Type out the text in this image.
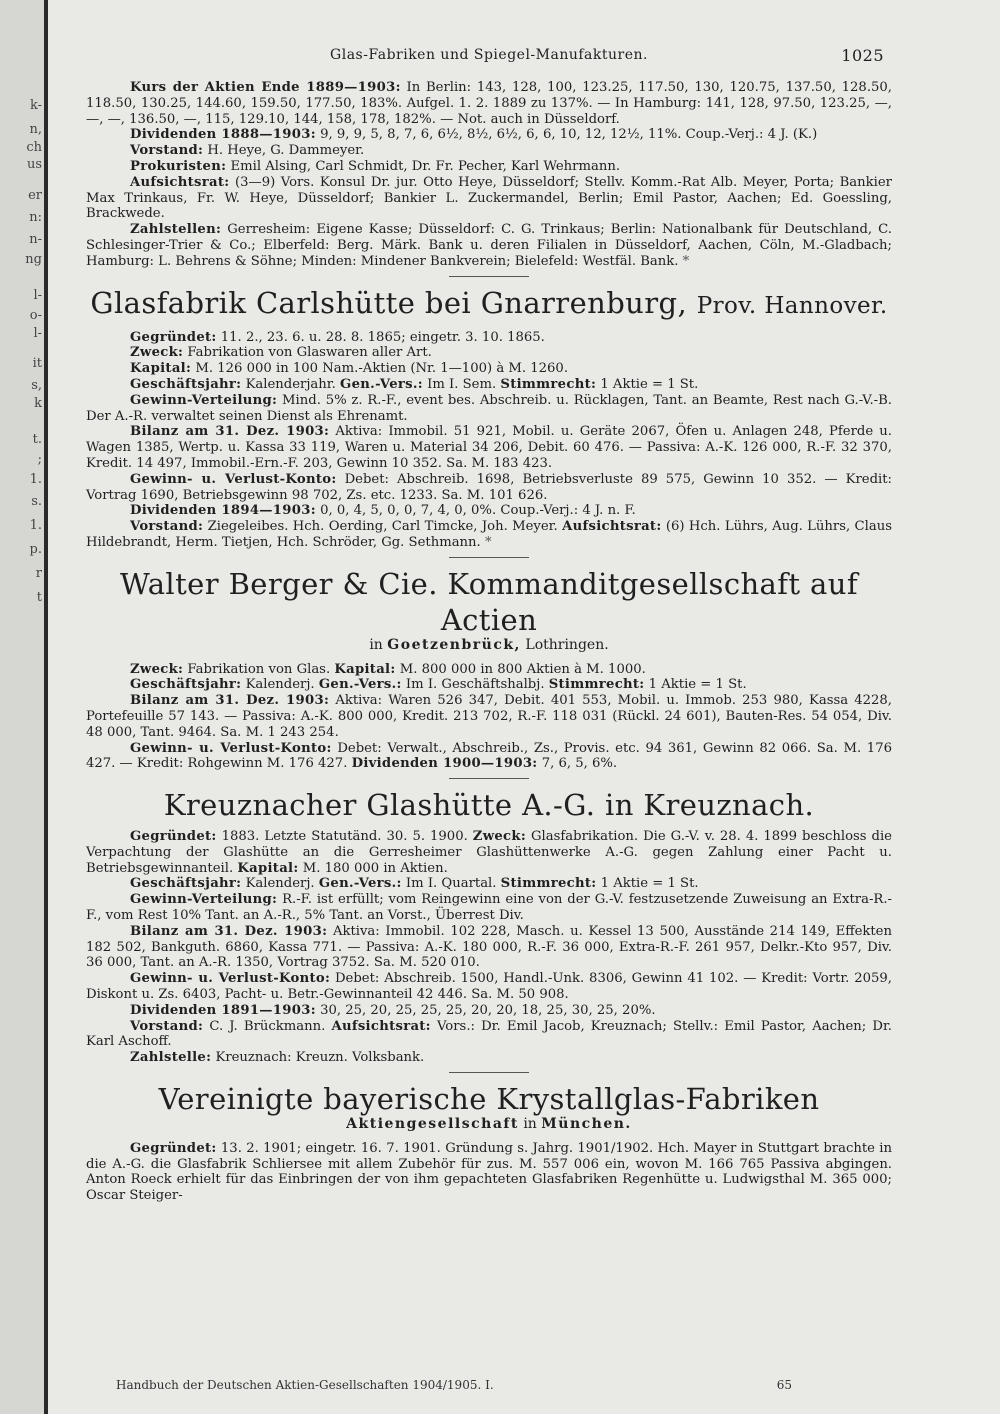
k-
n,
ch
us
er
n:
n-
ng
l-
o-
l-
it
s,
k
t.
;
1.
s.
1.
p.
r
t
Glas-Fabriken und Spiegel-Manufakturen.	1025

Kurs der Aktien Ende 1889—1903: In Berlin: 143, 128, 100, 123.25, 117.50, 130, 120.75, 137.50, 128.50, 118.50, 130.25, 144.60, 159.50, 177.50, 183%. Aufgel. 1. 2. 1889 zu 137%. — In Hamburg: 141, 128, 97.50, 123.25, —, —, —, 136.50, —, 115, 129.10, 144, 158, 178, 182%. — Not. auch in Düsseldorf.

Dividenden 1888—1903: 9, 9, 9, 5, 8, 7, 6, 6½, 8½, 6½, 6, 6, 10, 12, 12½, 11%. Coup.-Verj.: 4 J. (K.)

Vorstand: H. Heye, G. Dammeyer.

Prokuristen: Emil Alsing, Carl Schmidt, Dr. Fr. Pecher, Karl Wehrmann.

Aufsichtsrat: (3—9) Vors. Konsul Dr. jur. Otto Heye, Düsseldorf; Stellv. Komm.-Rat Alb. Meyer, Porta; Bankier Max Trinkaus, Fr. W. Heye, Düsseldorf; Bankier L. Zuckermandel, Berlin; Emil Pastor, Aachen; Ed. Goessling, Brackwede.

Zahlstellen: Gerresheim: Eigene Kasse; Düsseldorf: C. G. Trinkaus; Berlin: Nationalbank für Deutschland, C. Schlesinger-Trier & Co.; Elberfeld: Berg. Märk. Bank u. deren Filialen in Düsseldorf, Aachen, Cöln, M.-Gladbach; Hamburg: L. Behrens & Söhne; Minden: Mindener Bankverein; Bielefeld: Westfäl. Bank. *

Glasfabrik Carlshütte bei Gnarrenburg, Prov. Hannover.

Gegründet: 11. 2., 23. 6. u. 28. 8. 1865; eingetr. 3. 10. 1865.

Zweck: Fabrikation von Glaswaren aller Art.

Kapital: M. 126 000 in 100 Nam.-Aktien (Nr. 1—100) à M. 1260.

Geschäftsjahr: Kalenderjahr. Gen.-Vers.: Im I. Sem. Stimmrecht: 1 Aktie = 1 St.

Gewinn-Verteilung: Mind. 5% z. R.-F., event bes. Abschreib. u. Rücklagen, Tant. an Beamte, Rest nach G.-V.-B. Der A.-R. verwaltet seinen Dienst als Ehrenamt.

Bilanz am 31. Dez. 1903: Aktiva: Immobil. 51 921, Mobil. u. Geräte 2067, Öfen u. Anlagen 248, Pferde u. Wagen 1385, Wertp. u. Kassa 33 119, Waren u. Material 34 206, Debit. 60 476. — Passiva: A.-K. 126 000, R.-F. 32 370, Kredit. 14 497, Immobil.-Ern.-F. 203, Gewinn 10 352. Sa. M. 183 423.

Gewinn- u. Verlust-Konto: Debet: Abschreib. 1698, Betriebsverluste 89 575, Gewinn 10 352. — Kredit: Vortrag 1690, Betriebsgewinn 98 702, Zs. etc. 1233. Sa. M. 101 626.

Dividenden 1894—1903: 0, 0, 4, 5, 0, 0, 7, 4, 0, 0%. Coup.-Verj.: 4 J. n. F.

Vorstand: Ziegeleibes. Hch. Oerding, Carl Timcke, Joh. Meyer. Aufsichtsrat: (6) Hch. Lührs, Aug. Lührs, Claus Hildebrandt, Herm. Tietjen, Hch. Schröder, Gg. Sethmann. *

Walter Berger & Cie. Kommanditgesellschaft auf Actien
in Goetzenbrück, Lothringen.

Zweck: Fabrikation von Glas. Kapital: M. 800 000 in 800 Aktien à M. 1000.

Geschäftsjahr: Kalenderj. Gen.-Vers.: Im I. Geschäftshalbj. Stimmrecht: 1 Aktie = 1 St.

Bilanz am 31. Dez. 1903: Aktiva: Waren 526 347, Debit. 401 553, Mobil. u. Immob. 253 980, Kassa 4228, Portefeuille 57 143. — Passiva: A.-K. 800 000, Kredit. 213 702, R.-F. 118 031 (Rückl. 24 601), Bauten-Res. 54 054, Div. 48 000, Tant. 9464. Sa. M. 1 243 254.

Gewinn- u. Verlust-Konto: Debet: Verwalt., Abschreib., Zs., Provis. etc. 94 361, Gewinn 82 066. Sa. M. 176 427. — Kredit: Rohgewinn M. 176 427. Dividenden 1900—1903: 7, 6, 5, 6%.

Kreuznacher Glashütte A.-G. in Kreuznach.

Gegründet: 1883. Letzte Statutänd. 30. 5. 1900. Zweck: Glasfabrikation. Die G.-V. v. 28. 4. 1899 beschloss die Verpachtung der Glashütte an die Gerresheimer Glashüttenwerke A.-G. gegen Zahlung einer Pacht u. Betriebsgewinnanteil. Kapital: M. 180 000 in Aktien.

Geschäftsjahr: Kalenderj. Gen.-Vers.: Im I. Quartal. Stimmrecht: 1 Aktie = 1 St.

Gewinn-Verteilung: R.-F. ist erfüllt; vom Reingewinn eine von der G.-V. festzusetzende Zuweisung an Extra-R.-F., vom Rest 10% Tant. an A.-R., 5% Tant. an Vorst., Überrest Div.

Bilanz am 31. Dez. 1903: Aktiva: Immobil. 102 228, Masch. u. Kessel 13 500, Ausstände 214 149, Effekten 182 502, Bankguth. 6860, Kassa 771. — Passiva: A.-K. 180 000, R.-F. 36 000, Extra-R.-F. 261 957, Delkr.-Kto 957, Div. 36 000, Tant. an A.-R. 1350, Vortrag 3752. Sa. M. 520 010.

Gewinn- u. Verlust-Konto: Debet: Abschreib. 1500, Handl.-Unk. 8306, Gewinn 41 102. — Kredit: Vortr. 2059, Diskont u. Zs. 6403, Pacht- u. Betr.-Gewinnanteil 42 446. Sa. M. 50 908.

Dividenden 1891—1903: 30, 25, 20, 25, 25, 25, 20, 20, 18, 25, 30, 25, 20%.

Vorstand: C. J. Brückmann. Aufsichtsrat: Vors.: Dr. Emil Jacob, Kreuznach; Stellv.: Emil Pastor, Aachen; Dr. Karl Aschoff.

Zahlstelle: Kreuznach: Kreuzn. Volksbank.

Vereinigte bayerische Krystallglas-Fabriken
Aktiengesellschaft in München.

Gegründet: 13. 2. 1901; eingetr. 16. 7. 1901. Gründung s. Jahrg. 1901/1902. Hch. Mayer in Stuttgart brachte in die A.-G. die Glasfabrik Schliersee mit allem Zubehör für zus. M. 557 006 ein, wovon M. 166 765 Passiva abgingen. Anton Roeck erhielt für das Einbringen der von ihm gepachteten Glasfabriken Regenhütte u. Ludwigsthal M. 365 000; Oscar Steiger-

Handbuch der Deutschen Aktien-Gesellschaften 1904/1905. I.	65
